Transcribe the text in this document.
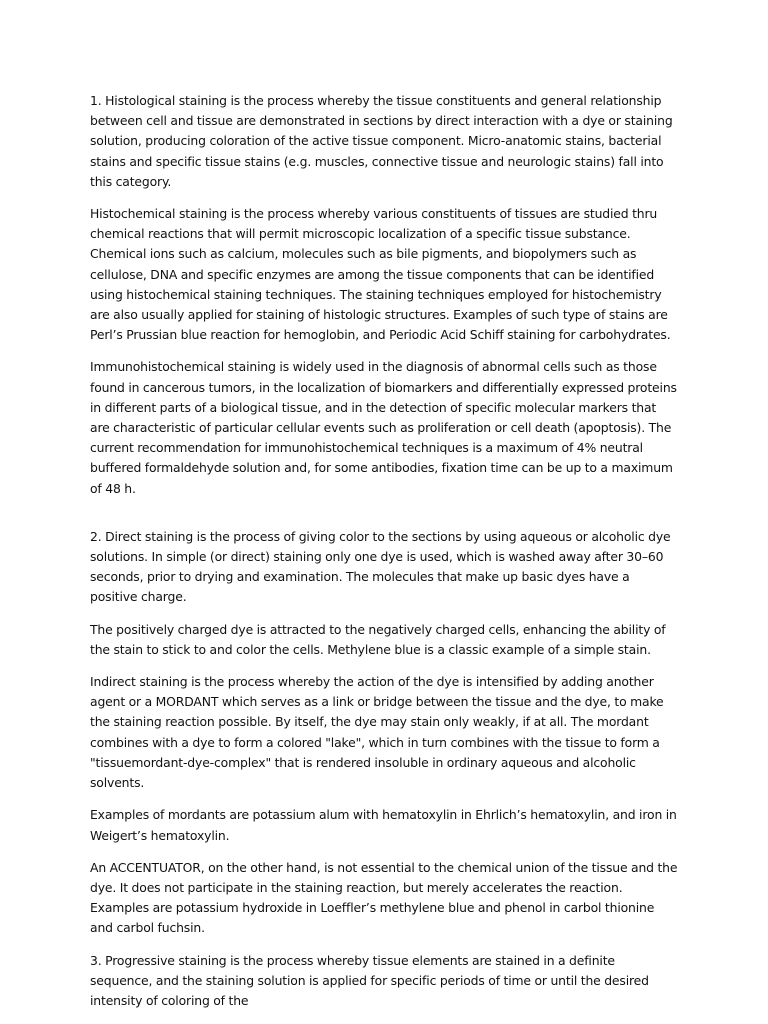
1. Histological staining is the process whereby the tissue constituents and general relationship between cell and tissue are demonstrated in sections by direct interaction with a dye or staining solution, producing coloration of the active tissue component. Micro-anatomic stains, bacterial stains and specific tissue stains (e.g. muscles, connective tissue and neurologic stains) fall into this category.

Histochemical staining is the process whereby various constituents of tissues are studied thru chemical reactions that will permit microscopic localization of a specific tissue substance. Chemical ions such as calcium, molecules such as bile pigments, and biopolymers such as cellulose, DNA and specific enzymes are among the tissue components that can be identified using histochemical staining techniques. The staining techniques employed for histochemistry are also usually applied for staining of histologic structures. Examples of such type of stains are Perl’s Prussian blue reaction for hemoglobin, and Periodic Acid Schiff staining for carbohydrates.

Immunohistochemical staining is widely used in the diagnosis of abnormal cells such as those found in cancerous tumors, in the localization of biomarkers and differentially expressed proteins in different parts of a biological tissue, and in the detection of specific molecular markers that are characteristic of particular cellular events such as proliferation or cell death (apoptosis). The current recommendation for immunohistochemical techniques is a maximum of 4% neutral buffered formaldehyde solution and, for some antibodies, fixation time can be up to a maximum of 48 h.

2. Direct staining is the process of giving color to the sections by using aqueous or alcoholic dye solutions. In simple (or direct) staining only one dye is used, which is washed away after 30–60 seconds, prior to drying and examination. The molecules that make up basic dyes have a positive charge.

The positively charged dye is attracted to the negatively charged cells, enhancing the ability of the stain to stick to and color the cells. Methylene blue is a classic example of a simple stain.

Indirect staining is the process whereby the action of the dye is intensified by adding another agent or a MORDANT which serves as a link or bridge between the tissue and the dye, to make the staining reaction possible. By itself, the dye may stain only weakly, if at all. The mordant combines with a dye to form a colored "lake", which in turn combines with the tissue to form a "tissuemordant-dye-complex" that is rendered insoluble in ordinary aqueous and alcoholic solvents.

Examples of mordants are potassium alum with hematoxylin in Ehrlich’s hematoxylin, and iron in Weigert’s hematoxylin.

An ACCENTUATOR, on the other hand, is not essential to the chemical union of the tissue and the dye. It does not participate in the staining reaction, but merely accelerates the reaction. Examples are potassium hydroxide in Loeffler’s methylene blue and phenol in carbol thionine and carbol fuchsin.

3. Progressive staining is the process whereby tissue elements are stained in a definite sequence, and the staining solution is applied for specific periods of time or until the desired intensity of coloring of the
